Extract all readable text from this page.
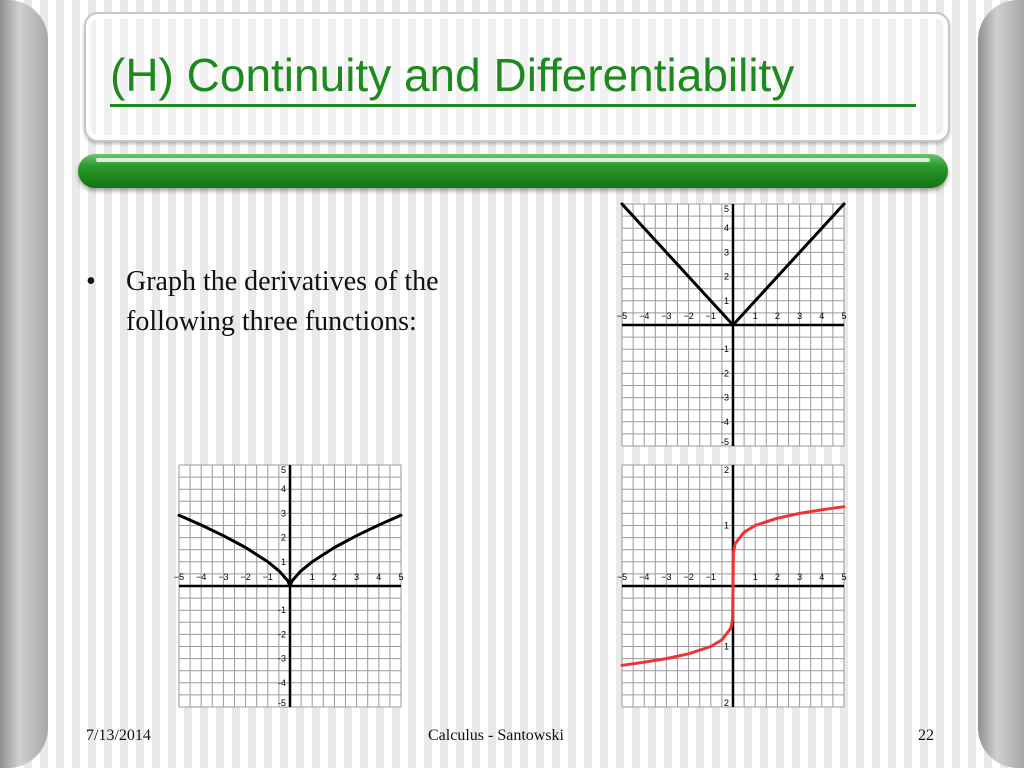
(H) Continuity and Differentiability
• Graph the derivatives of the following three functions:	−5 −4 −3 −2 −1	1 2 3 4 5
5
4
3
2
1
-1
-2
-3
-4
-5
−5 −4 −3 −2 −1	1 2 3 4 5
5
4
3
2
1
-1
-2
-3
-4
-5
−5 −4 −3 −2 −1	1 2 3 4 5
2
1
1
2
7/13/2014	Calculus - Santowski	22
